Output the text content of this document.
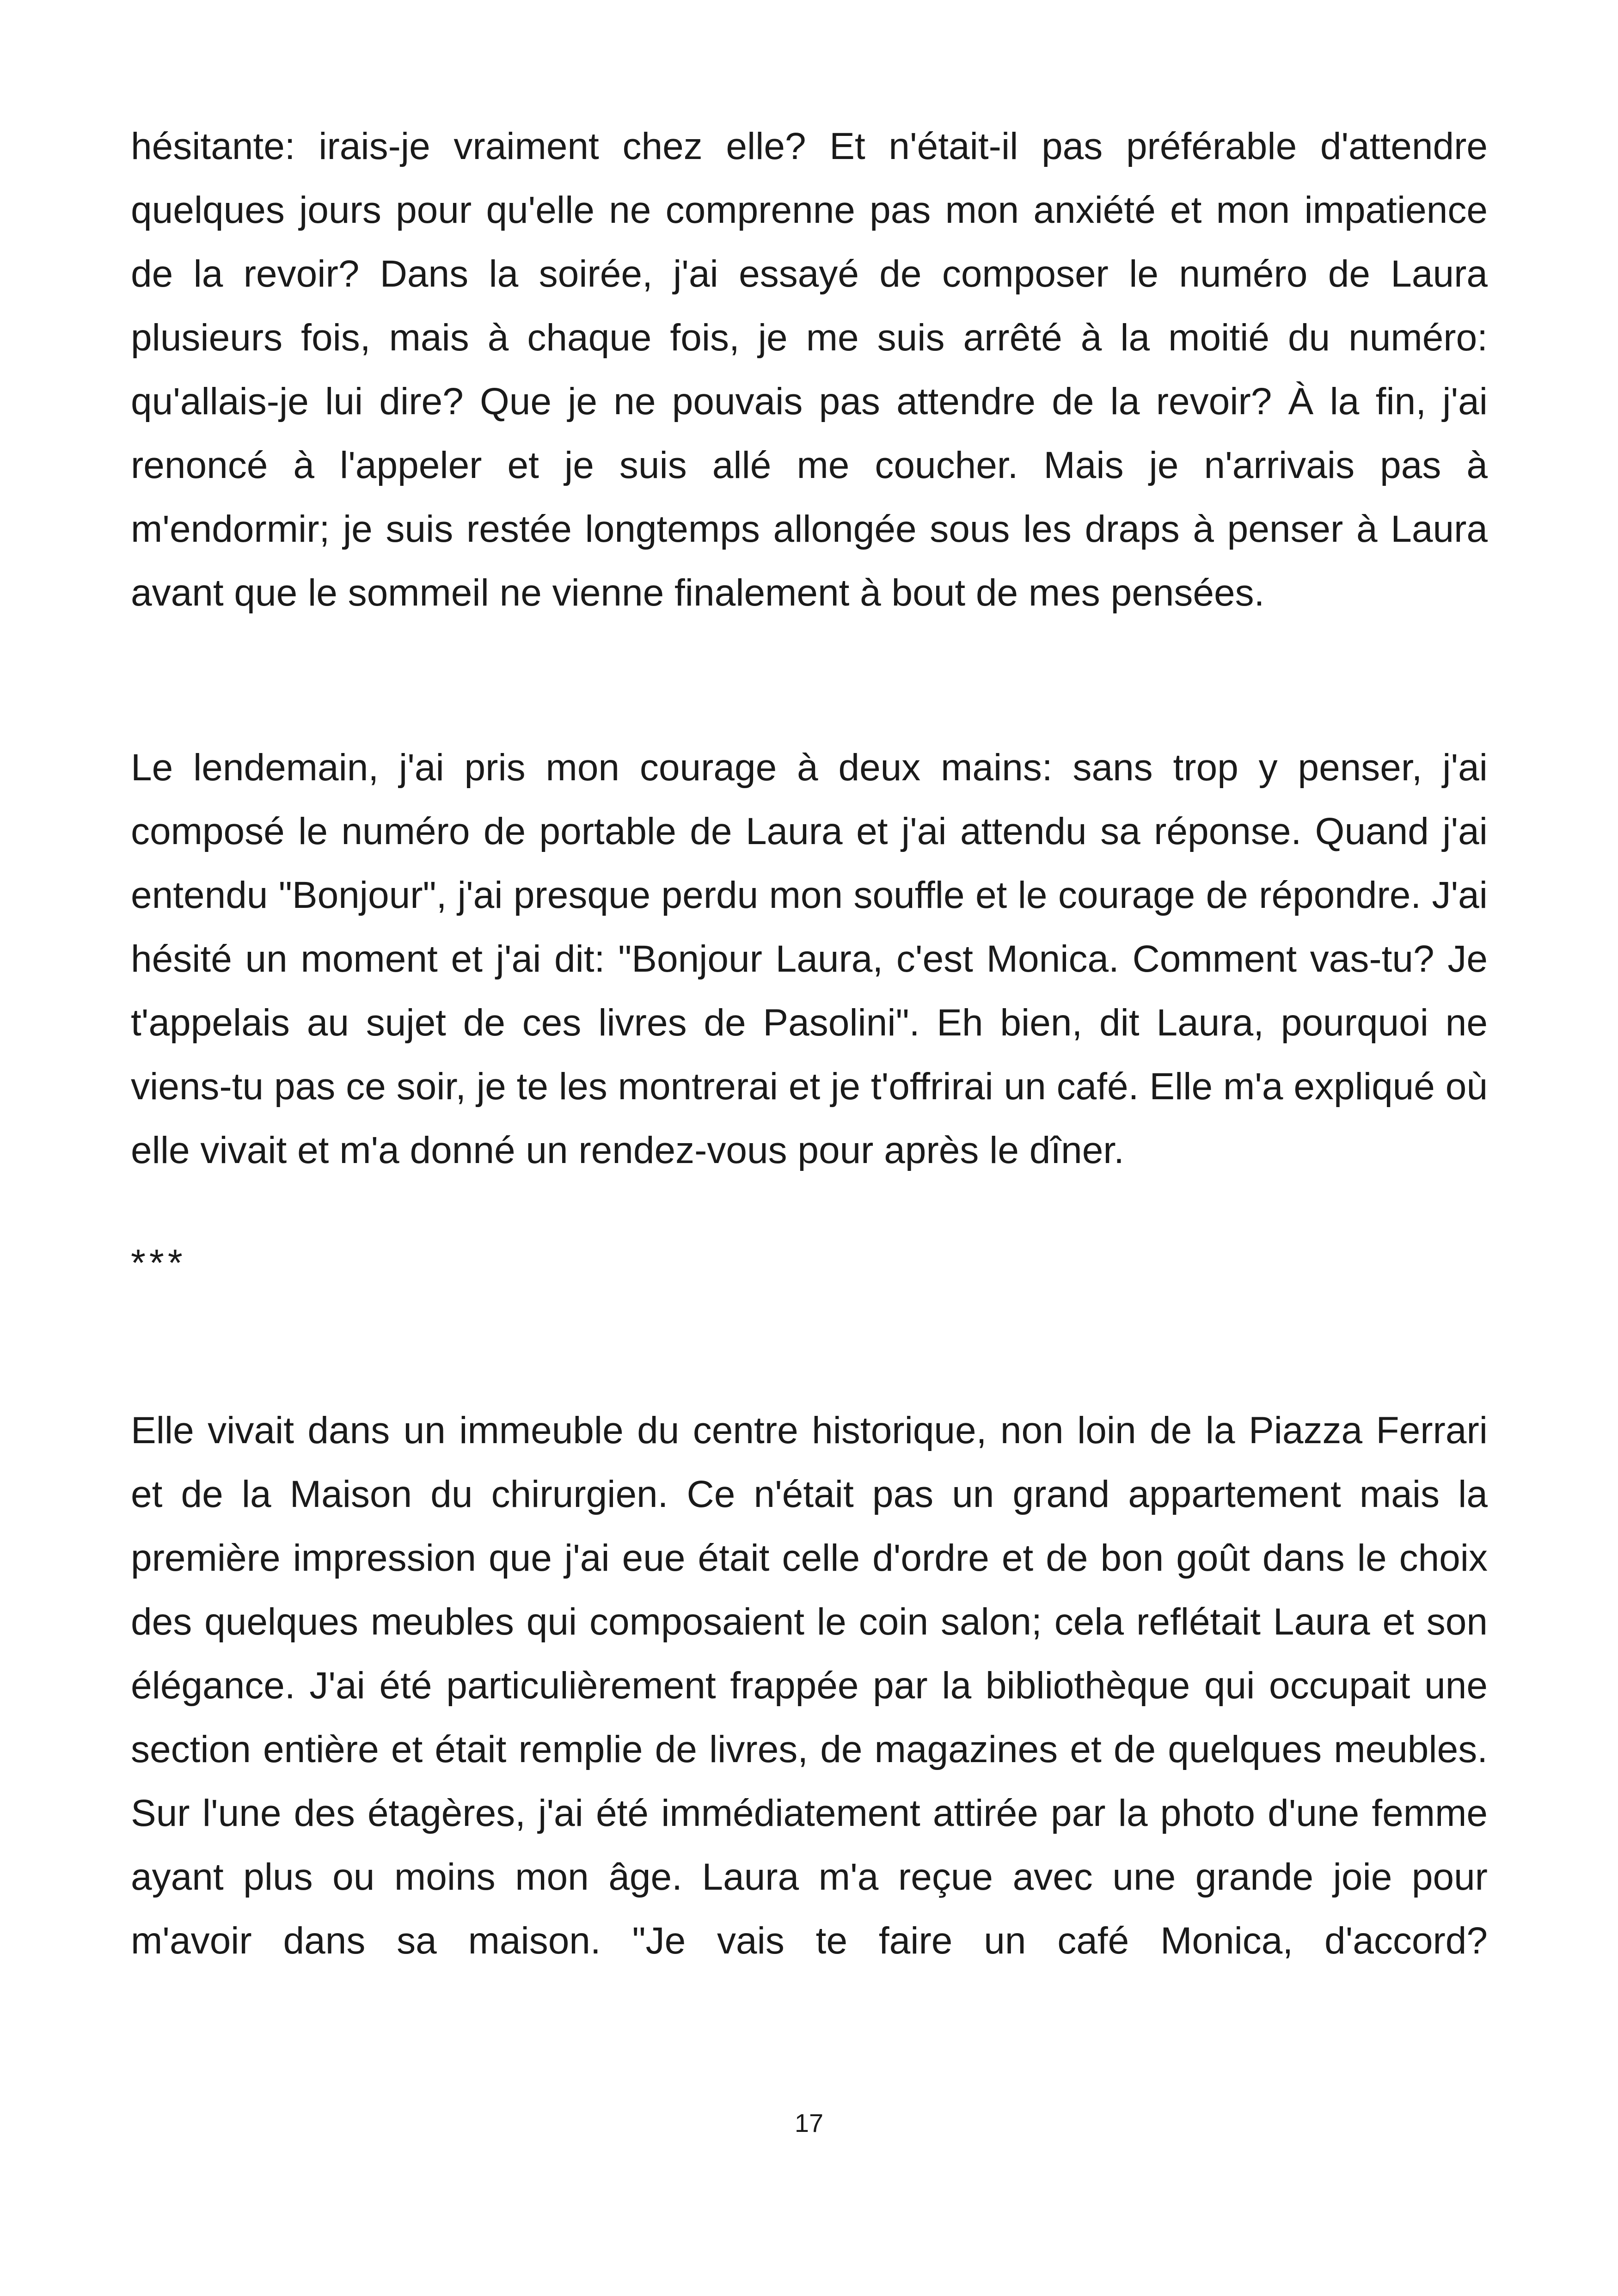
hésitante: irais-je vraiment chez elle? Et n'était-il pas préférable d'attendre quelques jours pour qu'elle ne comprenne pas mon anxiété et mon impatience de la revoir? Dans la soirée, j'ai essayé de composer le numéro de Laura plusieurs fois, mais à chaque fois, je me suis arrêté à la moitié du numéro: qu'allais-je lui dire? Que je ne pouvais pas attendre de la revoir? À la fin, j'ai renoncé à l'appeler et je suis allé me coucher. Mais je n'arrivais pas à m'endormir; je suis restée longtemps allongée sous les draps à penser à Laura avant que le sommeil ne vienne finalement à bout de mes pensées.

Le lendemain, j'ai pris mon courage à deux mains: sans trop y penser, j'ai composé le numéro de portable de Laura et j'ai attendu sa réponse. Quand j'ai entendu "Bonjour", j'ai presque perdu mon souffle et le courage de répondre. J'ai hésité un moment et j'ai dit: "Bonjour Laura, c'est Monica. Comment vas-tu? Je t'appelais au sujet de ces livres de Pasolini". Eh bien, dit Laura, pourquoi ne viens-tu pas ce soir, je te les montrerai et je t'offrirai un café. Elle m'a expliqué où elle vivait et m'a donné un rendez-vous pour après le dîner.

***

Elle vivait dans un immeuble du centre historique, non loin de la Piazza Ferrari et de la Maison du chirurgien. Ce n'était pas un grand appartement mais la première impression que j'ai eue était celle d'ordre et de bon goût dans le choix des quelques meubles qui composaient le coin salon; cela reflétait Laura et son élégance. J'ai été particulièrement frappée par la bibliothèque qui occupait une section entière et était remplie de livres, de magazines et de quelques meubles. Sur l'une des étagères, j'ai été immédiatement attirée par la photo d'une femme ayant plus ou moins mon âge. Laura m'a reçue avec une grande joie pour m'avoir dans sa maison. "Je vais te faire un café Monica, d'accord?

17
